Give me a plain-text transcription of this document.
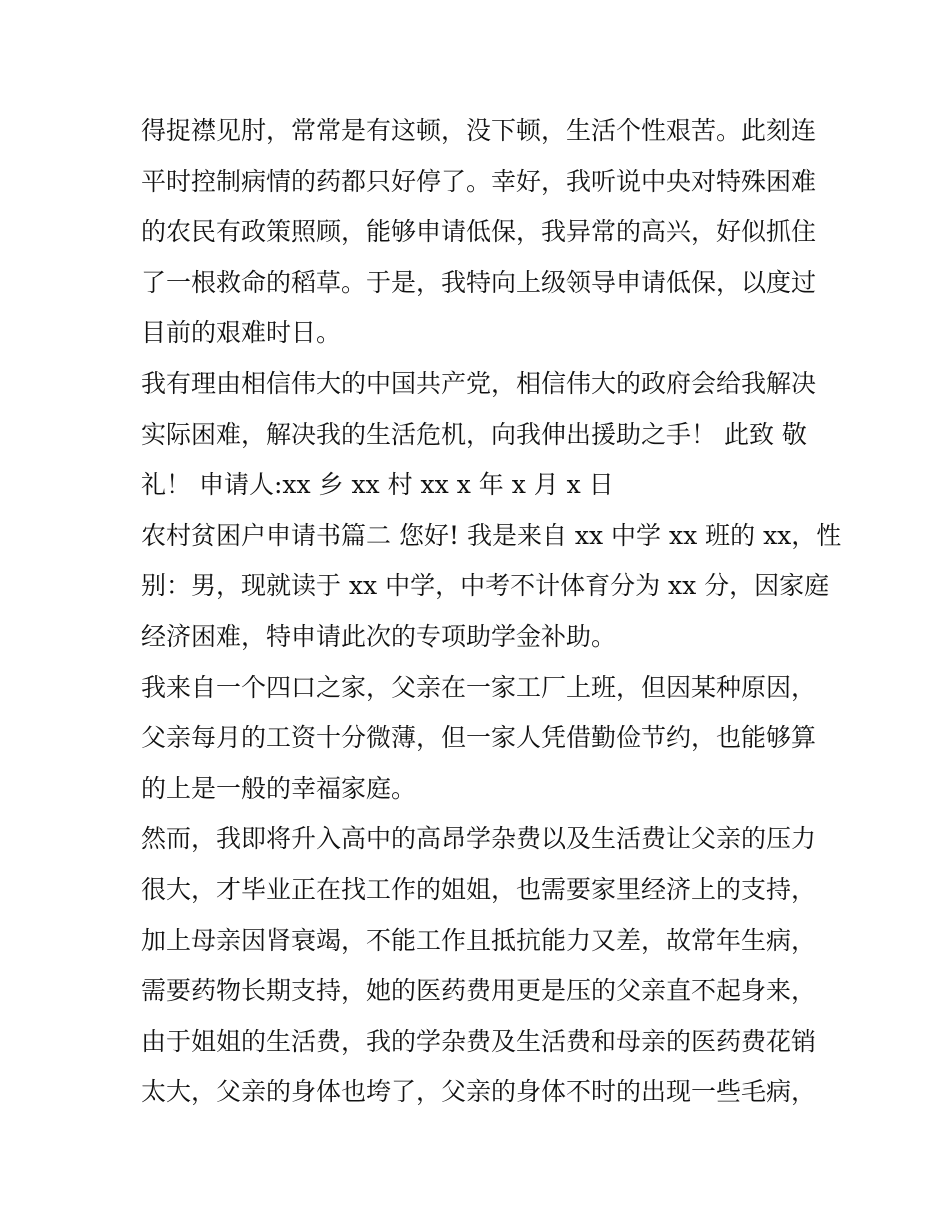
得捉襟见肘，常常是有这顿，没下顿，生活个性艰苦。此刻连
平时控制病情的药都只好停了。幸好，我听说中央对特殊困难
的农民有政策照顾，能够申请低保，我异常的高兴，好似抓住
了一根救命的稻草。于是，我特向上级领导申请低保，以度过
目前的艰难时日。
我有理由相信伟大的中国共产党，相信伟大的政府会给我解决
实际困难，解决我的生活危机，向我伸出援助之手！ 此致 敬
礼！ 申请人:xx 乡 xx 村 xx x 年 x 月 x 日
农村贫困户申请书篇二 您好! 我是来自 xx 中学 xx 班的 xx，性
别：男，现就读于 xx 中学，中考不计体育分为 xx 分，因家庭
经济困难，特申请此次的专项助学金补助。
我来自一个四口之家，父亲在一家工厂上班，但因某种原因，
父亲每月的工资十分微薄，但一家人凭借勤俭节约，也能够算
的上是一般的幸福家庭。
然而，我即将升入高中的高昂学杂费以及生活费让父亲的压力
很大，才毕业正在找工作的姐姐，也需要家里经济上的支持，
加上母亲因肾衰竭，不能工作且抵抗能力又差，故常年生病，
需要药物长期支持，她的医药费用更是压的父亲直不起身来，
由于姐姐的生活费，我的学杂费及生活费和母亲的医药费花销
太大，父亲的身体也垮了，父亲的身体不时的出现一些毛病，
